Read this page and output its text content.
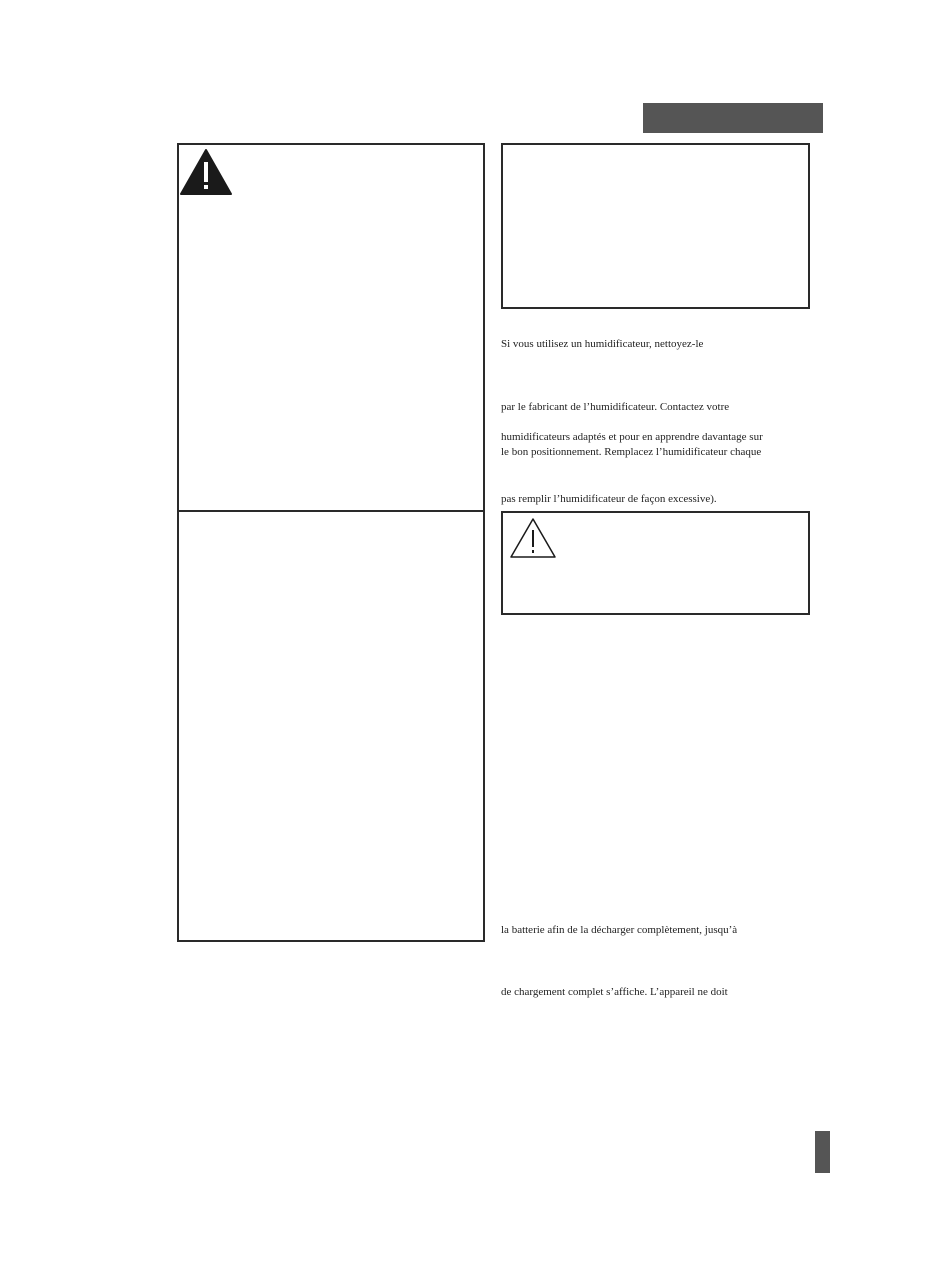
Si vous utilisez un humidificateur, nettoyez-le

par le fabricant de l’humidificateur. Contactez votre

humidificateurs adaptés et pour en apprendre davantage sur

le bon positionnement. Remplacez l’humidificateur chaque

pas remplir l’humidificateur de façon excessive).

la batterie afin de la décharger complètement, jusqu’à

de chargement complet s’affiche. L’appareil ne doit
